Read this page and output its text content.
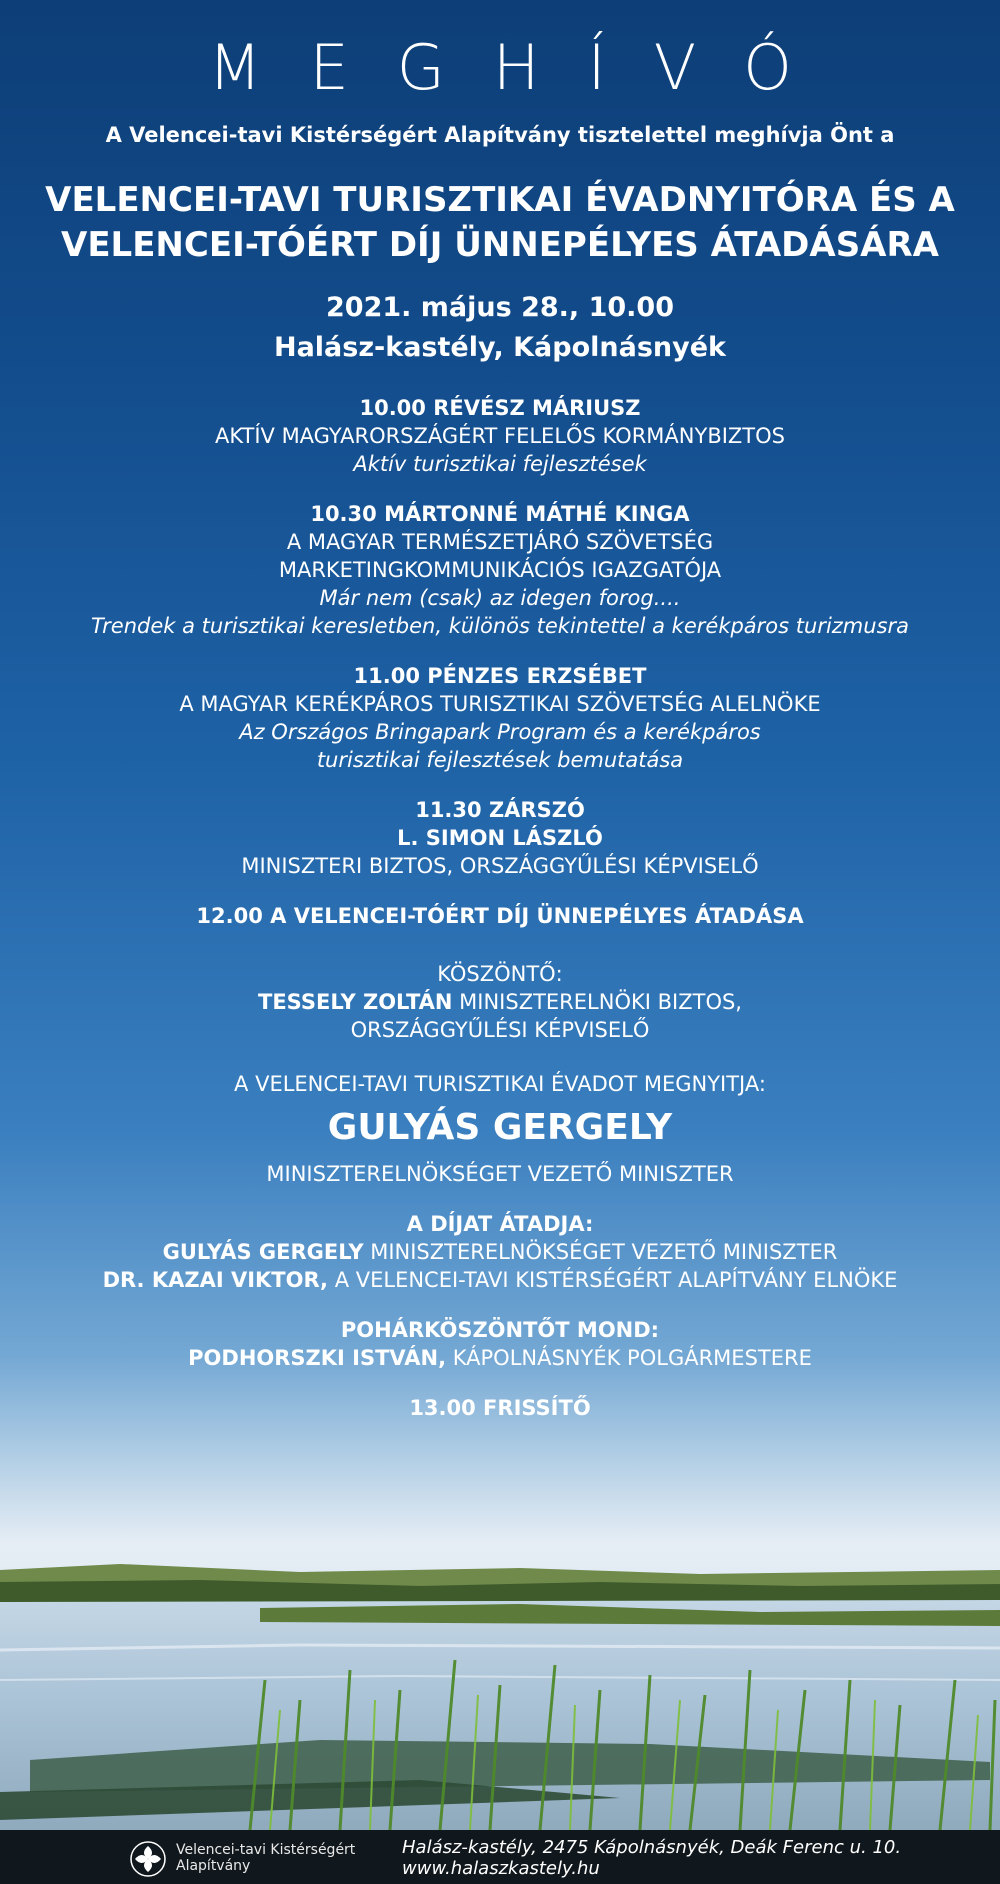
MEGHÍVÓ
A Velencei-tavi Kistérségért Alapítvány tisztelettel meghívja Önt a
VELENCEI-TAVI TURISZTIKAI ÉVADNYITÓRA ÉS A
VELENCEI-TÓÉRT DÍJ ÜNNEPÉLYES ÁTADÁSÁRA
2021. május 28., 10.00
Halász-kastély, Kápolnásnyék
10.00 RÉVÉSZ MÁRIUSZ
AKTÍV MAGYARORSZÁGÉRT FELELŐS KORMÁNYBIZTOS
Aktív turisztikai fejlesztések
10.30 MÁRTONNÉ MÁTHÉ KINGA
A MAGYAR TERMÉSZETJÁRÓ SZÖVETSÉG
MARKETINGKOMMUNIKÁCIÓS IGAZGATÓJA
Már nem (csak) az idegen forog....
Trendek a turisztikai keresletben, különös tekintettel a kerékpáros turizmusra
11.00 PÉNZES ERZSÉBET
A MAGYAR KERÉKPÁROS TURISZTIKAI SZÖVETSÉG ALELNÖKE
Az Országos Bringapark Program és a kerékpáros
turisztikai fejlesztések bemutatása
11.30 ZÁRSZÓ
L. SIMON LÁSZLÓ
MINISZTERI BIZTOS, ORSZÁGGYŰLÉSI KÉPVISELŐ
12.00 A VELENCEI-TÓÉRT DÍJ ÜNNEPÉLYES ÁTADÁSA
KÖSZÖNTŐ:
TESSELY ZOLTÁN MINISZTERELNÖKI BIZTOS,
ORSZÁGGYŰLÉSI KÉPVISELŐ
A VELENCEI-TAVI TURISZTIKAI ÉVADOT MEGNYITJA:
GULYÁS GERGELY
MINISZTERELNÖKSÉGET VEZETŐ MINISZTER
A DÍJAT ÁTADJA:
GULYÁS GERGELY MINISZTERELNÖKSÉGET VEZETŐ MINISZTER
DR. KAZAI VIKTOR, A VELENCEI-TAVI KISTÉRSÉGÉRT ALAPÍTVÁNY ELNÖKE
POHÁRKÖSZÖNTŐT MOND:
PODHORSZKI ISTVÁN, KÁPOLNÁSNYÉK POLGÁRMESTERE
13.00 FRISSÍTŐ
Velencei-tavi Kistérségért
Alapítvány
Halász-kastély, 2475 Kápolnásnyék, Deák Ferenc u. 10.
www.halaszkastely.hu
